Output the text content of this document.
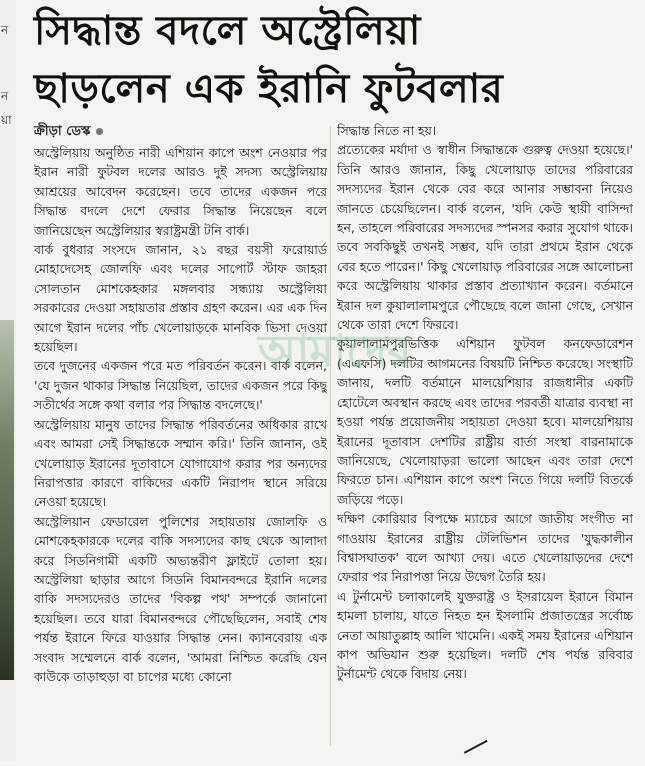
ন
ন
য়া
সিদ্ধান্ত বদলে অস্ট্রেলিয়া
ছাড়লেন এক ইরানি ফুটবলার
ক্রীড়া ডেস্ক

অস্ট্রেলিয়ায় অনুষ্ঠিত নারী এশিয়ান কাপে অংশ নেওয়ার পর ইরান নারী ফুটবল দলের আরও দুই সদস্য অস্ট্রেলিয়ায় আশ্রয়ের আবেদন করেছেন। তবে তাদের একজন পরে সিদ্ধান্ত বদলে দেশে ফেরার সিদ্ধান্ত নিয়েছেন বলে জানিয়েছেন অস্ট্রেলিয়ার স্বরাষ্ট্রমন্ত্রী টনি বার্ক।

বার্ক বুধবার সংসদে জানান, ২১ বছর বয়সী ফরোয়ার্ড মোহাদেসেহ জোলফি এবং দলের সাপোর্ট স্টাফ জাহরা সোলতান মোশকেহকার মঙ্গলবার সন্ধ্যায় অস্ট্রেলিয়া সরকারের দেওয়া সহায়তার প্রস্তাব গ্রহণ করেন। এর এক দিন আগে ইরান দলের পাঁচ খেলোয়াড়কে মানবিক ভিসা দেওয়া হয়েছিল।

তবে দুজনের একজন পরে মত পরিবর্তন করেন। বার্ক বলেন, 'যে দুজন থাকার সিদ্ধান্ত নিয়েছিল, তাদের একজন পরে কিছু সতীর্থের সঙ্গে কথা বলার পর সিদ্ধান্ত বদলেছে।'

অস্ট্রেলিয়ায় মানুষ তাদের সিদ্ধান্ত পরিবর্তনের অধিকার রাখে এবং আমরা সেই সিদ্ধান্তকে সম্মান করি।' তিনি জানান, ওই খেলোয়াড় ইরানের দূতাবাসে যোগাযোগ করার পর অন্যদের নিরাপত্তার কারণে বাকিদের একটি নিরাপদ স্থানে সরিয়ে নেওয়া হয়েছে।

অস্ট্রেলিয়ান ফেডারেল পুলিশের সহায়তায় জোলফি ও মোশকেহকারকে দলের বাকি সদস্যদের কাছ থেকে আলাদা করে সিডনিগামী একটি অভ্যন্তরীণ ফ্লাইটে তোলা হয়। অস্ট্রেলিয়া ছাড়ার আগে সিডনি বিমানবন্দরে ইরানি দলের বাকি সদস্যদেরও তাদের 'বিকল্প পথ' সম্পর্কে জানানো হয়েছিল। তবে যারা বিমানবন্দরে পৌছেছিলেন, সবাই শেষ পর্যন্ত ইরানে ফিরে যাওয়ার সিদ্ধান্ত নেন। ক্যানবেরায় এক সংবাদ সম্মেলনে বার্ক বলেন, 'আমরা নিশ্চিত করেছি যেন কাউকে তাড়াহুড়া বা চাপের মধ্যে কোনো

সিদ্ধান্ত নিতে না হয়।

প্রত্যেকের মর্যাদা ও স্বাধীন সিদ্ধান্তকে গুরুত্ব দেওয়া হয়েছে।' তিনি আরও জানান, কিছু খেলোয়াড় তাদের পরিবারের সদস্যদের ইরান থেকে বের করে আনার সম্ভাবনা নিয়েও জানতে চেয়েছিলেন। বার্ক বলেন, 'যদি কেউ স্থায়ী বাসিন্দা হন, তাহলে পরিবারের সদস্যদের স্পনসর করার সুযোগ থাকে। তবে সবকিছুই তখনই সম্ভব, যদি তারা প্রথমে ইরান থেকে বের হতে পারেন।' কিছু খেলোয়াড় পরিবারের সঙ্গে আলোচনা করে অস্ট্রেলিয়ায় থাকার প্রস্তাব প্রত্যাখ্যান করেন। বর্তমানে ইরান দল কুয়ালালামপুরে পৌছেছে বলে জানা গেছে, সেখান থেকে তারা দেশে ফিরবে।

কুয়ালালামপুরভিত্তিক এশিয়ান ফুটবল কনফেডারেশন (এএফসি) দলটির আগমনের বিষয়টি নিশ্চিত করেছে। সংস্থাটি জানায়, দলটি বর্তমানে মালয়েশিয়ার রাজধানীর একটি হোটেলে অবস্থান করছে এবং তাদের পরবর্তী যাত্রার ব্যবস্থা না হওয়া পর্যন্ত প্রয়োজনীয় সহায়তা দেওয়া হবে। মালয়েশিয়ায় ইরানের দূতাবাস দেশটির রাষ্ট্রীয় বার্তা সংস্থা বারনামাকে জানিয়েছে, খেলোয়াড়রা ভালো আছেন এবং তারা দেশে ফিরতে চান। এশিয়ান কাপে অংশ নিতে গিয়ে দলটি বিতর্কে জড়িয়ে পড়ে।

দক্ষিণ কোরিয়ার বিপক্ষে ম্যাচের আগে জাতীয় সংগীত না গাওয়ায় ইরানের রাষ্ট্রীয় টেলিভিশন তাদের 'যুদ্ধকালীন বিশ্বাসঘাতক' বলে আখ্যা দেয়। এতে খেলোয়াড়দের দেশে ফেরার পর নিরাপত্তা নিয়ে উদ্বেগ তৈরি হয়।

এ টুর্নামেন্ট চলাকালেই যুক্তরাষ্ট্র ও ইসরায়েল ইরানে বিমান হামলা চালায়, যাতে নিহত হন ইসলামি প্রজাতন্ত্রের সর্বোচ্চ নেতা আয়াতুল্লাহ আলি খামেনি। একই সময় ইরানের এশিয়ান কাপ অভিযান শুরু হয়েছিল। দলটি শেষ পর্যন্ত রবিবার টুর্নামেন্ট থেকে বিদায় নেয়।

আমাদের
